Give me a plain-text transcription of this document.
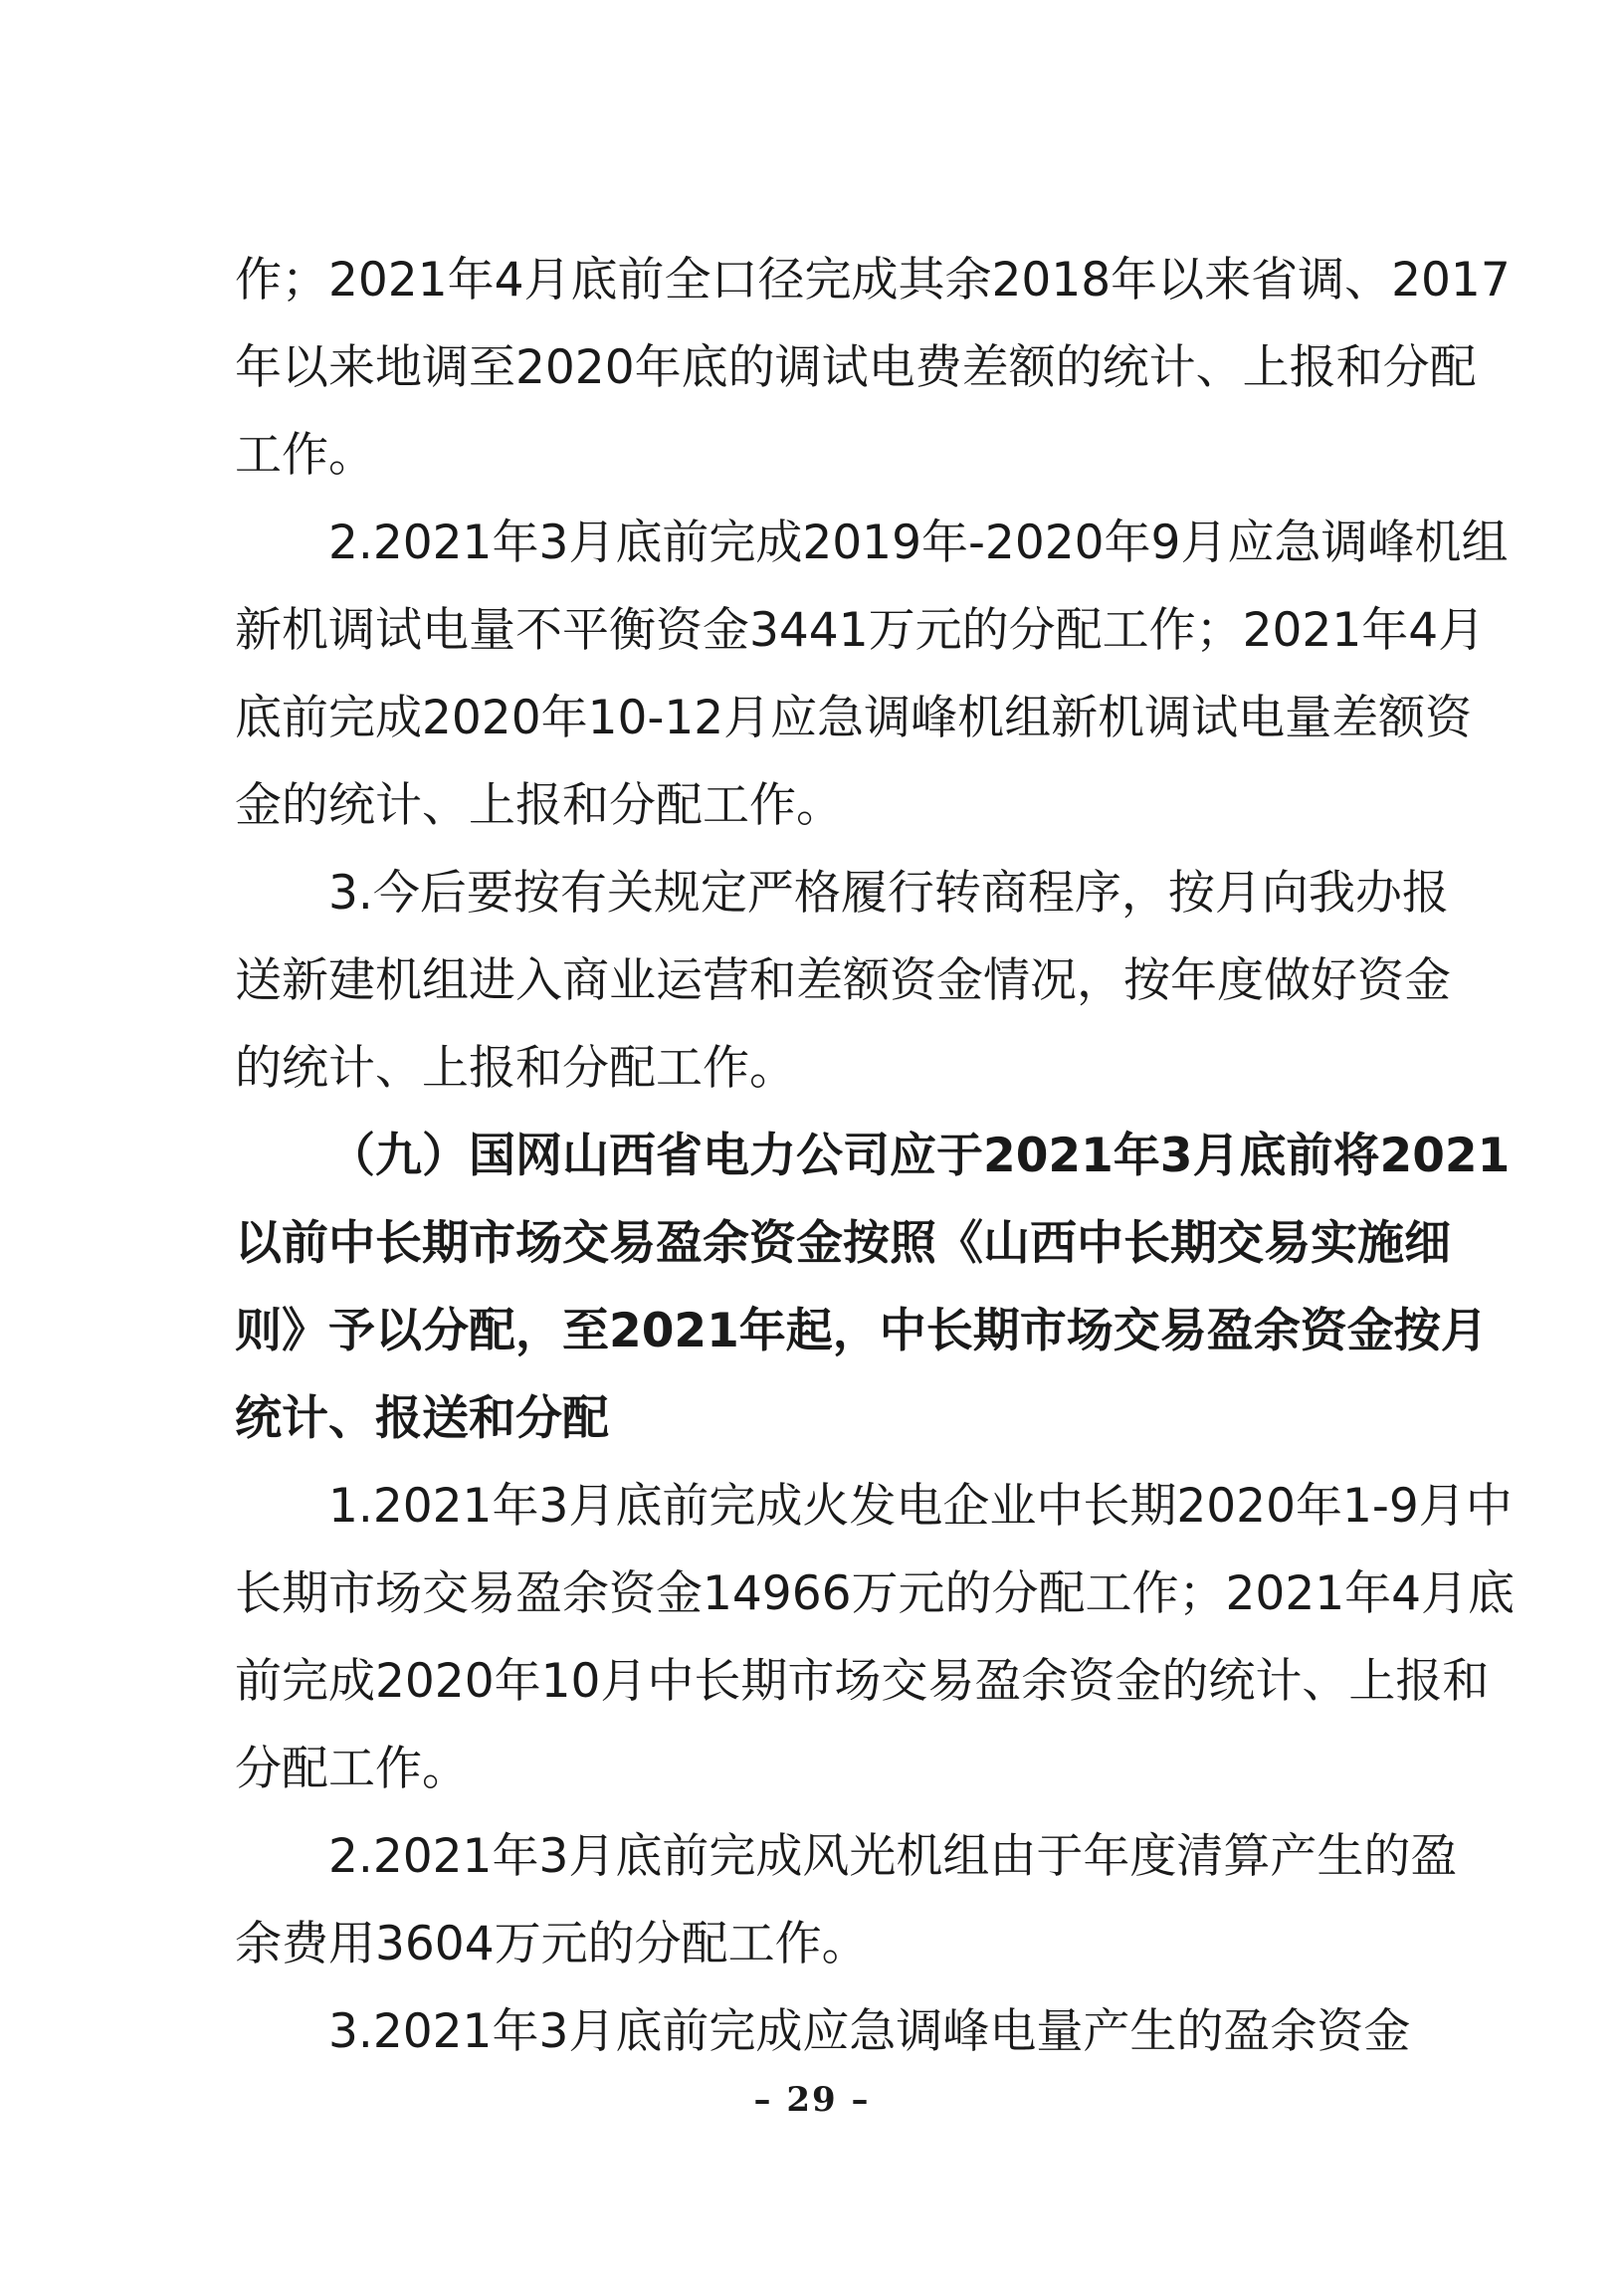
作；2021年4月底前全口径完成其余2018年以来省调、2017
年以来地调至2020年底的调试电费差额的统计、上报和分配
工作。
2.2021年3月底前完成2019年-2020年9月应急调峰机组
新机调试电量不平衡资金3441万元的分配工作；2021年4月
底前完成2020年10-12月应急调峰机组新机调试电量差额资
金的统计、上报和分配工作。
3.今后要按有关规定严格履行转商程序，按月向我办报
送新建机组进入商业运营和差额资金情况，按年度做好资金
的统计、上报和分配工作。
（九）国网山西省电力公司应于2021年3月底前将2021
以前中长期市场交易盈余资金按照《山西中长期交易实施细
则》予以分配，至2021年起，中长期市场交易盈余资金按月
统计、报送和分配
1.2021年3月底前完成火发电企业中长期2020年1-9月中
长期市场交易盈余资金14966万元的分配工作；2021年4月底
前完成2020年10月中长期市场交易盈余资金的统计、上报和
分配工作。
2.2021年3月底前完成风光机组由于年度清算产生的盈
余费用3604万元的分配工作。
3.2021年3月底前完成应急调峰电量产生的盈余资金
– 29 –
